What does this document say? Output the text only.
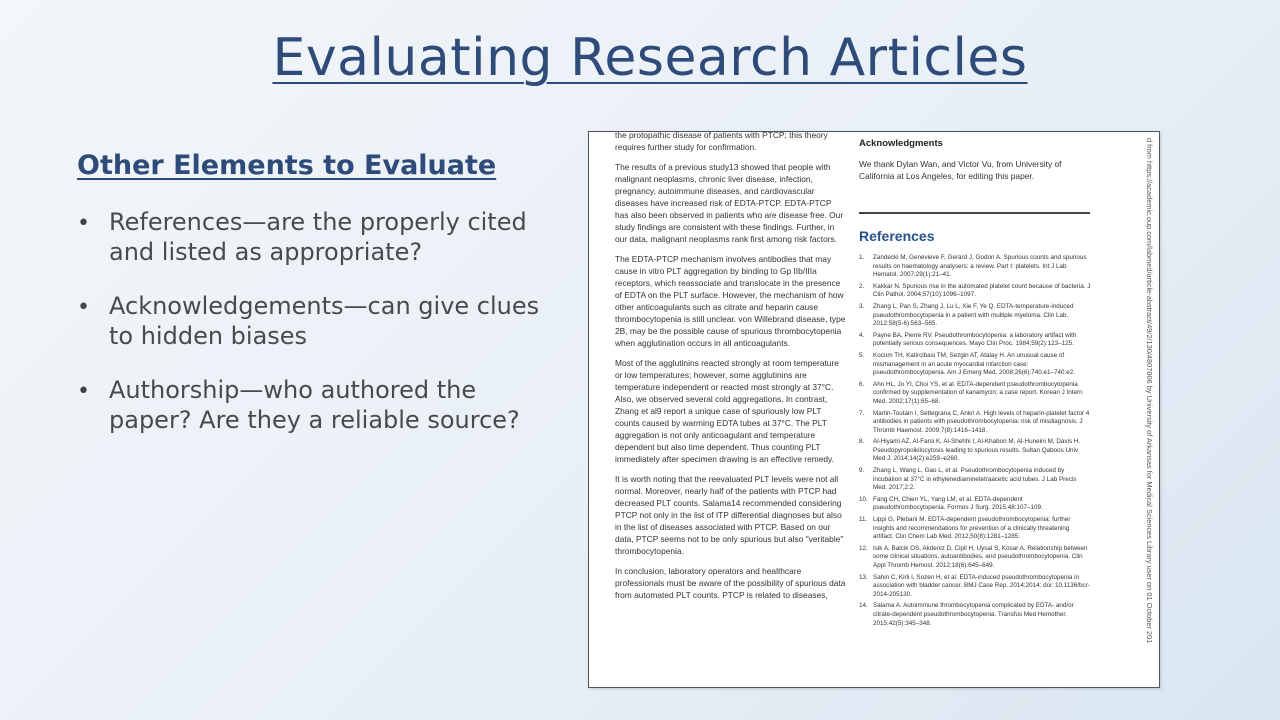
Evaluating Research Articles
Other Elements to Evaluate
• References—are the properly cited and listed as appropriate?
• Acknowledgements—can give clues to hidden biases
• Authorship—who authored the paper? Are they a reliable source?

the protopathic disease of patients with PTCP; this theory requires further study for confirmation.

The results of a previous study13 showed that people with malignant neoplasms, chronic liver disease, infection, pregnancy, autoimmune diseases, and cardiovascular diseases have increased risk of EDTA-PTCP. EDTA-PTCP has also been observed in patients who are disease free. Our study findings are consistent with these findings. Further, in our data, malignant neoplasms rank first among risk factors.

The EDTA-PTCP mechanism involves antibodies that may cause in vitro PLT aggregation by binding to Gp IIb/IIIa receptors, which reassociate and translocate in the presence of EDTA on the PLT surface. However, the mechanism of how other anticoagulants such as citrate and heparin cause thrombocytopenia is still unclear. von Willebrand disease, type 2B, may be the possible cause of spurious thrombocytopenia when agglutination occurs in all anticoagulants.

Most of the agglutinins reacted strongly at room temperature or low temperatures; however, some agglutinins are temperature independent or reacted most strongly at 37°C. Also, we observed several cold aggregations. In contrast, Zhang et al9 report a unique case of spuriously low PLT counts caused by warming EDTA tubes at 37°C. The PLT aggregation is not only anticoagulant and temperature dependent but also time dependent. Thus counting PLT immediately after specimen drawing is an effective remedy.

It is worth noting that the reevaluated PLT levels were not all normal. Moreover, nearly half of the patients with PTCP had decreased PLT counts. Salama14 recommended considering PTCP not only in the list of ITP differential diagnoses but also in the list of diseases associated with PTCP. Based on our data, PTCP seems not to be only spurious but also "veritable" thrombocytopenia.

In conclusion, laboratory operators and healthcare professionals must be aware of the possibility of spurious data from automated PLT counts. PTCP is related to diseases,

Acknowledgments

We thank Dylan Wan, and Victor Vu, from University of California at Los Angeles, for editing this paper.

References
1. Zandecki M, Genevieve F, Gerard J, Godon A. Spurious counts and spurious results on haematology analysers: a review. Part I: platelets. Int J Lab Hematol. 2007;29(1):21–41.
2. Kakkar N. Spurious rise in the automated platelet count because of bacteria. J Clin Pathol. 2004;57(10):1096–1097.
3. Zhang L, Pan S, Zhang J, Lu L, Xie F, Ye Q. EDTA-temperature-induced pseudothrombocytopenia in a patient with multiple myeloma. Clin Lab. 2012;58(5-6):563–565.
4. Payne BA, Pierre RV. Pseudothrombocytopenia: a laboratory artifact with potentially serious consequences. Mayo Clin Proc. 1984;59(2):123–125.
5. Kocum TH, Katircibasi TM, Sezgin AT, Atalay H. An unusual cause of mismanagement in an acute myocardial infarction case: pseudothrombocytopenia. Am J Emerg Med. 2008;26(6):740.e1–740.e2.
6. Ahn HL, Jo YI, Choi YS, et al. EDTA-dependent pseudothrombocytopenia confirmed by supplementation of kanamycin; a case report. Korean J Intern Med. 2002;17(1):65–68.
7. Martin-Toutain I, Settegrana C, Ankri A. High levels of heparin-platelet factor 4 antibodies in patients with pseudothrombocytopenia: risk of misdiagnosis. J Thromb Haemost. 2009;7(8):1416–1418.
8. Al-Hiyami AZ, Al-Farsi K, Al-Shehhi I, Al-Khabori M, Al-Huneini M, Davis H. Pseudopyropoikilocytosis leading to spurious results. Sultan Qaboos Univ Med J. 2014;14(2):e259–e260.
9. Zhang L, Wang L, Gao L, et al. Pseudothrombocytopenia induced by incubation at 37°C in ethylenediaminetetraacetic acid tubes. J Lab Precis Med. 2017;2:2.
10. Fang CH, Chien YL, Yang LM, et al. EDTA-dependent pseudothrombocytopenia. Formos J Surg. 2015;48:107–109.
11. Lippi G, Plebani M. EDTA-dependent pseudothrombocytopenia: further insights and recommendations for prevention of a clinically threatening artifact. Clin Chem Lab Med. 2012;50(8):1281–1285.
12. Isik A, Balcik OS, Akdeniz D, Cipil H, Uysal S, Kosar A. Relationship between some clinical situations, autoantibodies, and pseudothrombocytopenia. Clin Appl Thromb Hemost. 2012;18(6):645–649.
13. Sahin C, Kirli I, Sozen H, et al. EDTA-induced pseudothrombocytopenia in association with bladder cancer. BMJ Case Rep. 2014;2014: doi: 10.1136/bcr-2014-205130.
14. Salama A. Autoimmune thrombocytopenia complicated by EDTA- and/or citrate-dependent pseudothrombocytopenia. Transfus Med Hemother. 2015;42(5):345–348.	d from https://academic.oup.com/labmed/article-abstract/49/2/130/4807006 by University of Arkansas for Medical Sciences Library user on 01 October 201
